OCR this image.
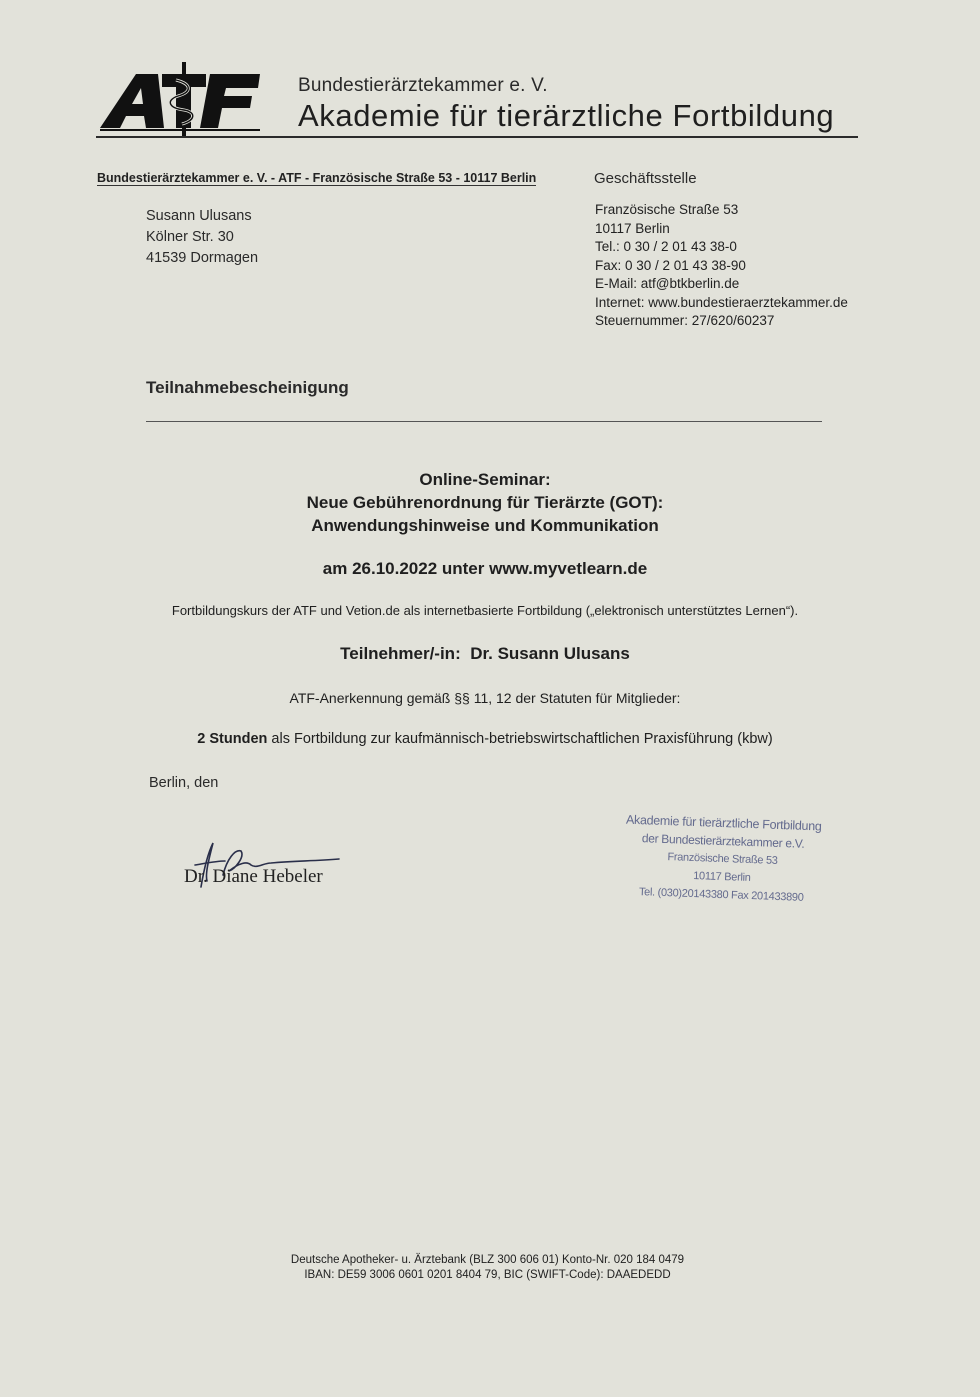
Bundestierärztekammer e. V.
Akademie für tierärztliche Fortbildung
Bundestierärztekammer e. V. - ATF - Französische Straße 53 - 10117 Berlin
Susann Ulusans
Kölner Str. 30
41539 Dormagen
Geschäftsstelle
Französische Straße 53
10117 Berlin
Tel.: 0 30 / 2 01 43 38-0
Fax: 0 30 / 2 01 43 38-90
E-Mail: atf@btkberlin.de
Internet: www.bundestieraerztekammer.de
Steuernummer: 27/620/60237
Teilnahmebescheinigung
Online-Seminar:
Neue Gebührenordnung für Tierärzte (GOT):
Anwendungshinweise und Kommunikation
am 26.10.2022 unter www.myvetlearn.de
Fortbildungskurs der ATF und Vetion.de als internetbasierte Fortbildung („elektronisch unterstütztes Lernen“).
Teilnehmer/-in: Dr. Susann Ulusans
ATF-Anerkennung gemäß §§ 11, 12 der Statuten für Mitglieder:
2 Stunden als Fortbildung zur kaufmännisch-betriebswirtschaftlichen Praxisführung (kbw)
Berlin, den
Dr. Diane Hebeler
Akademie für tierärztliche Fortbildung
der Bundestierärztekammer e.V.
Französische Straße 53
10117 Berlin
Tel. (030)20143380 Fax 201433890
Deutsche Apotheker- u. Ärztebank (BLZ 300 606 01) Konto-Nr. 020 184 0479
IBAN: DE59 3006 0601 0201 8404 79, BIC (SWIFT-Code): DAAEDEDD
